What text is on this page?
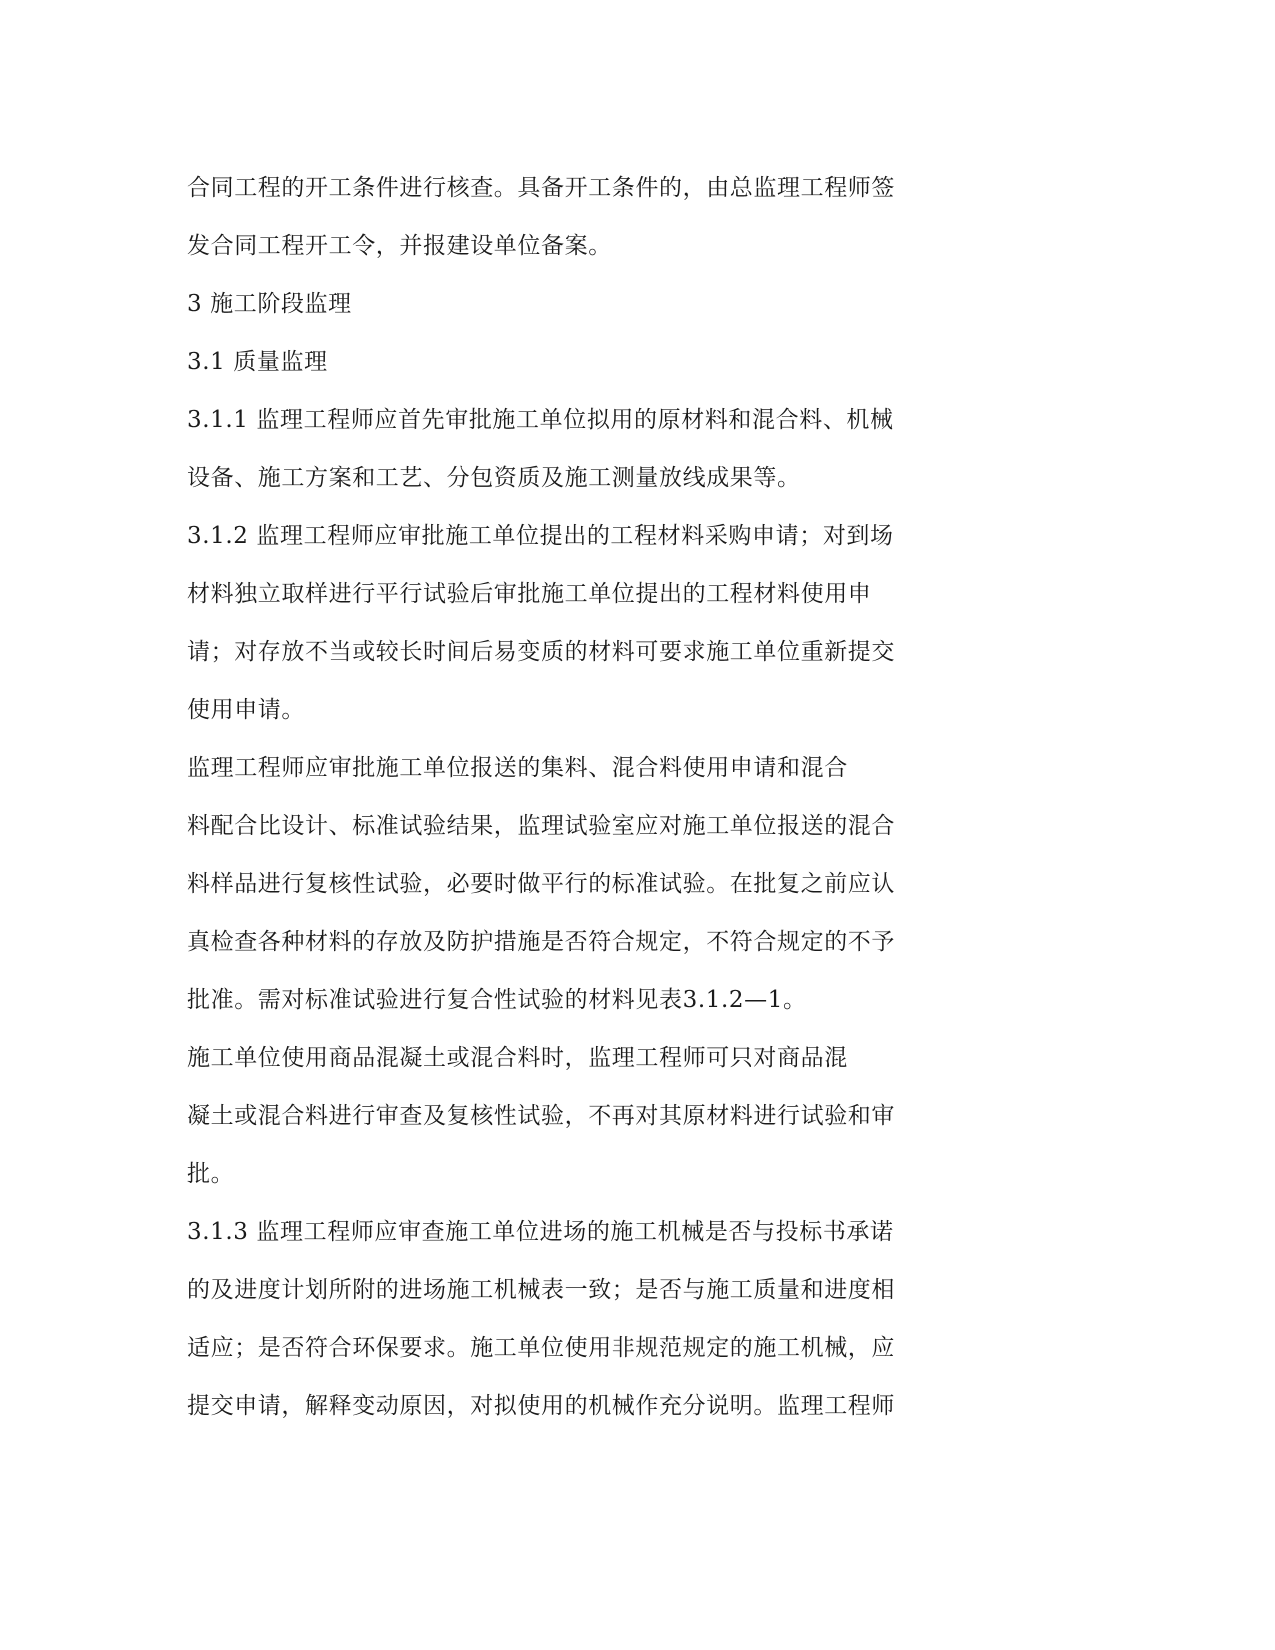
合同工程的开工条件进行核查。具备开工条件的，由总监理工程师签
发合同工程开工令，并报建设单位备案。
3 施工阶段监理
3.1 质量监理
3.1.1 监理工程师应首先审批施工单位拟用的原材料和混合料、机械
设备、施工方案和工艺、分包资质及施工测量放线成果等。
3.1.2 监理工程师应审批施工单位提出的工程材料采购申请；对到场
材料独立取样进行平行试验后审批施工单位提出的工程材料使用申
请；对存放不当或较长时间后易变质的材料可要求施工单位重新提交
使用申请。
监理工程师应审批施工单位报送的集料、混合料使用申请和混合
料配合比设计、标准试验结果，监理试验室应对施工单位报送的混合
料样品进行复核性试验，必要时做平行的标准试验。在批复之前应认
真检查各种材料的存放及防护措施是否符合规定，不符合规定的不予
批准。需对标准试验进行复合性试验的材料见表3.1.2—1。
施工单位使用商品混凝土或混合料时，监理工程师可只对商品混
凝土或混合料进行审查及复核性试验，不再对其原材料进行试验和审
批。
3.1.3 监理工程师应审查施工单位进场的施工机械是否与投标书承诺
的及进度计划所附的进场施工机械表一致；是否与施工质量和进度相
适应；是否符合环保要求。施工单位使用非规范规定的施工机械，应
提交申请，解释变动原因，对拟使用的机械作充分说明。监理工程师
